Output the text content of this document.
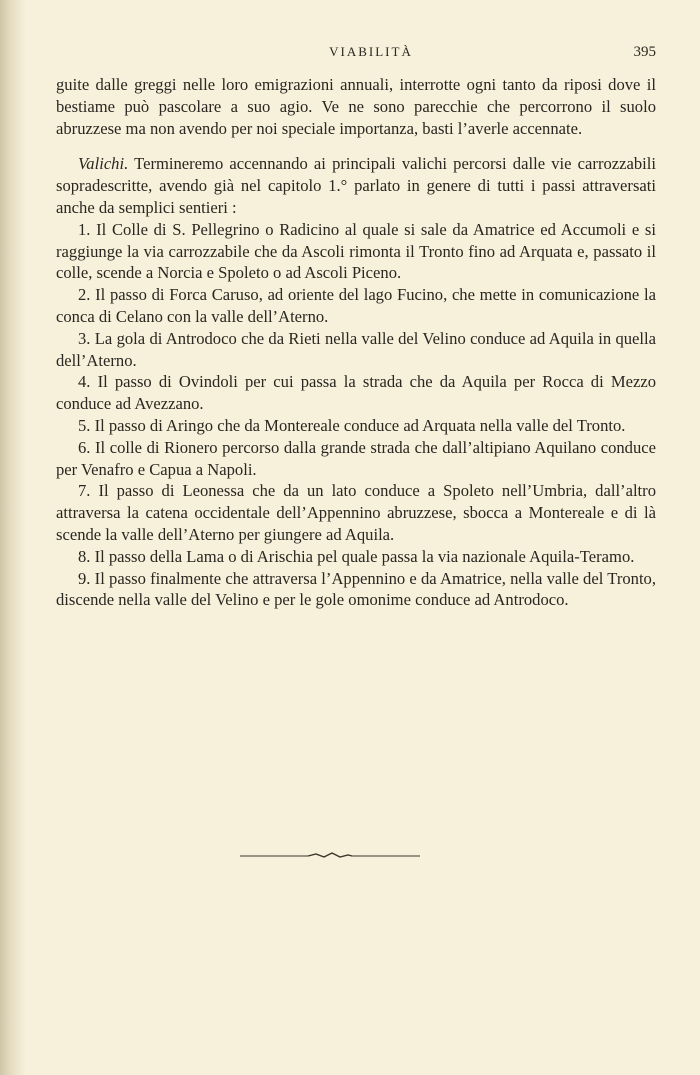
VIABILITÀ	395

guite dalle greggi nelle loro emigrazioni annuali, interrotte ogni tanto da riposi dove il bestiame può pascolare a suo agio. Ve ne sono parecchie che percorrono il suolo abruzzese ma non avendo per noi speciale importanza, basti l’averle accennate.

Valichi. Termineremo accennando ai principali valichi percorsi dalle vie carrozzabili sopradescritte, avendo già nel capitolo 1.° parlato in genere di tutti i passi attraversati anche da semplici sentieri :

1. Il Colle di S. Pellegrino o Radicino al quale si sale da Amatrice ed Accumoli e si raggiunge la via carrozzabile che da Ascoli rimonta il Tronto fino ad Arquata e, passato il colle, scende a Norcia e Spoleto o ad Ascoli Piceno.

2. Il passo di Forca Caruso, ad oriente del lago Fucino, che mette in comunicazione la conca di Celano con la valle dell’Aterno.

3. La gola di Antrodoco che da Rieti nella valle del Velino conduce ad Aquila in quella dell’Aterno.

4. Il passo di Ovindoli per cui passa la strada che da Aquila per Rocca di Mezzo conduce ad Avezzano.

5. Il passo di Aringo che da Montereale conduce ad Arquata nella valle del Tronto.

6. Il colle di Rionero percorso dalla grande strada che dall’altipiano Aquilano conduce per Venafro e Capua a Napoli.

7. Il passo di Leonessa che da un lato conduce a Spoleto nell’Umbria, dall’altro attraversa la catena occidentale dell’Appennino abruzzese, sbocca a Montereale e di là scende la valle dell’Aterno per giungere ad Aquila.

8. Il passo della Lama o di Arischia pel quale passa la via nazionale Aquila-Teramo.

9. Il passo finalmente che attraversa l’Appennino e da Amatrice, nella valle del Tronto, discende nella valle del Velino e per le gole omonime conduce ad Antrodoco.
